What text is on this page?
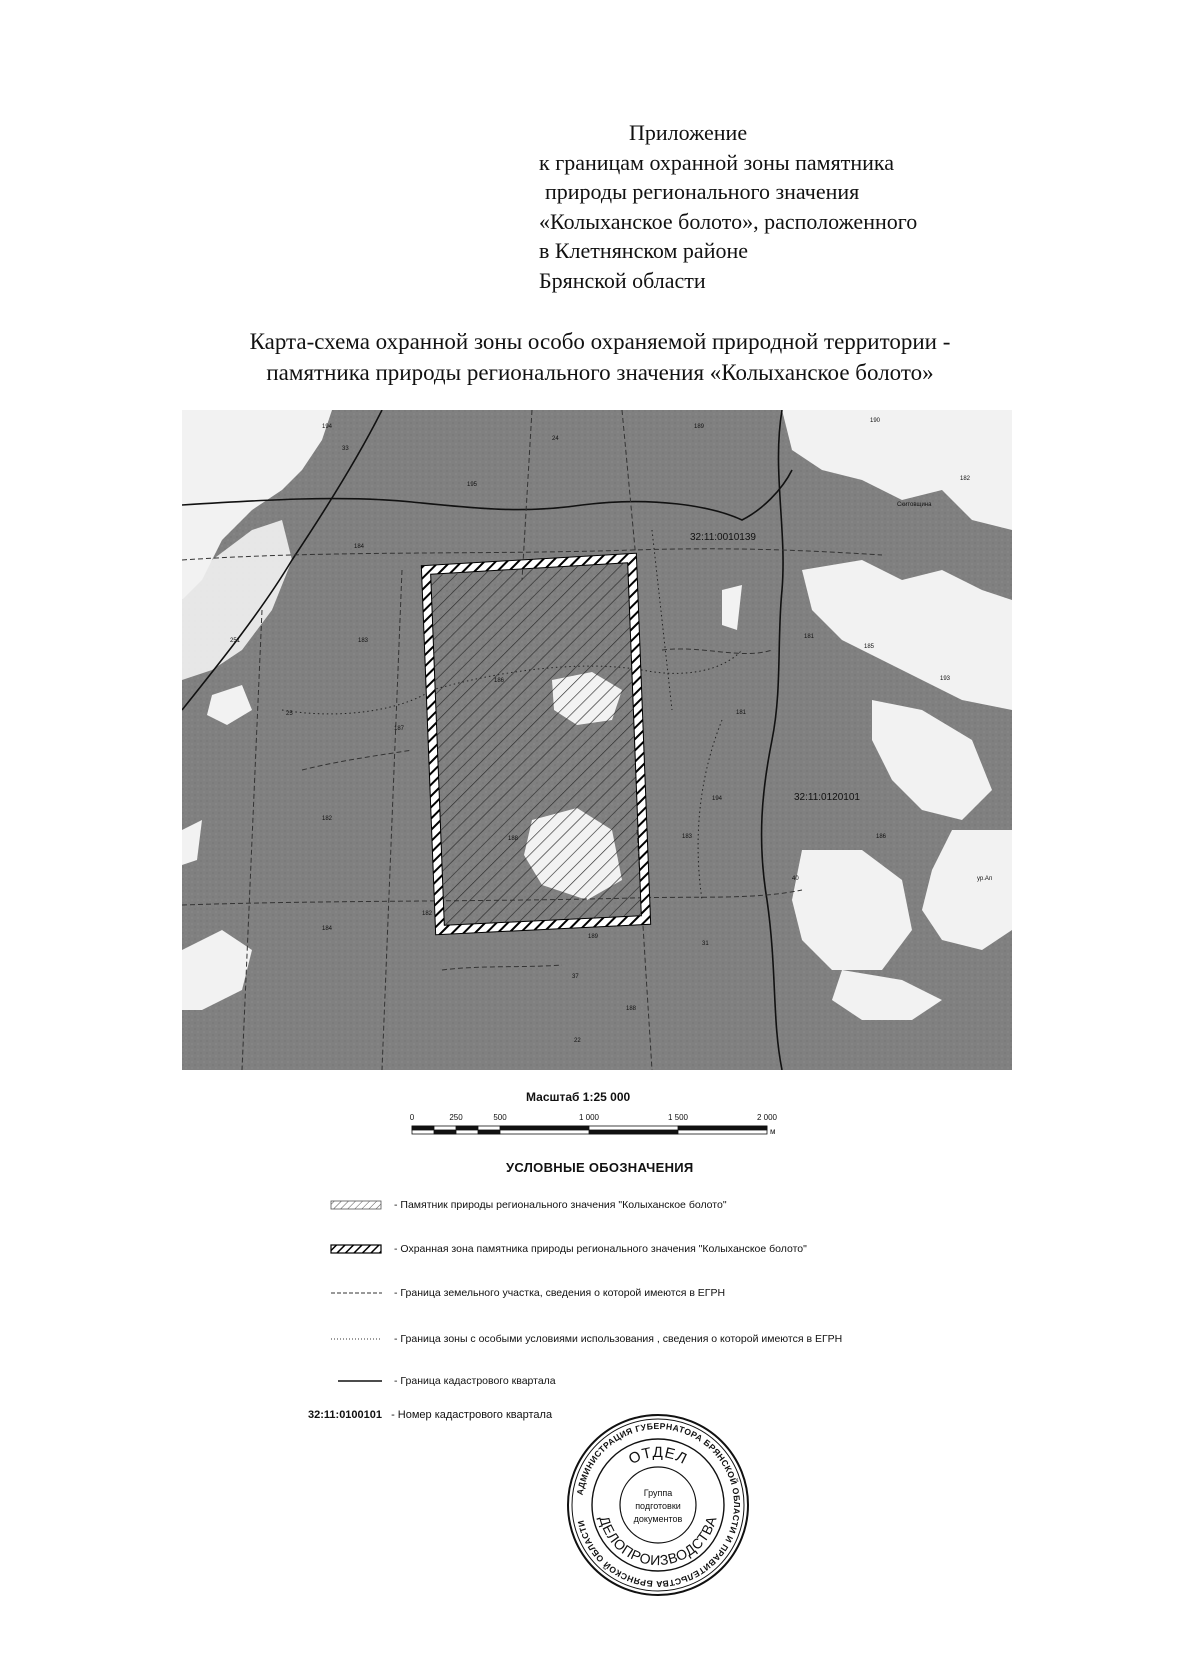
Приложение
к границам охранной зоны памятника
природы регионального значения
«Колыханское болото», расположенного
в Клетнянском районе
Брянской области
Карта-схема охранной зоны особо охраняемой природной территории -
памятника природы регионального значения «Колыханское болото»
32:11:0010139
32:11:0120101
Скитовщина
ур.Ап
194
33
24
189
190
195
182
184
251	183
181
185
25
186	193
187
181
194
182
188	183	186
40
182
184
189
31
37
188
22
Масштаб 1:25 000
0	250	500	1 000	1 500	2 000
м
УСЛОВНЫЕ ОБОЗНАЧЕНИЯ
- Памятник природы регионального значения "Колыханское болото"
- Охранная зона памятника природы регионального значения "Колыханское болото"
- Граница земельного участка, сведения о которой имеются в ЕГРН
- Граница зоны с особыми условиями использования , сведения о которой имеются в ЕГРН
- Граница кадастрового квартала
32:11:0100101 - Номер кадастрового квартала
АДМИНИСТРАЦИЯ ГУБЕРНАТОРА БРЯНСКОЙ ОБЛАСТИ И ПРАВИТЕЛЬСТВА БРЯНСКОЙ ОБЛАСТИ
ОТДЕЛ
ДЕЛОПРОИЗВОДСТВА
Группа
подготовки
документов
